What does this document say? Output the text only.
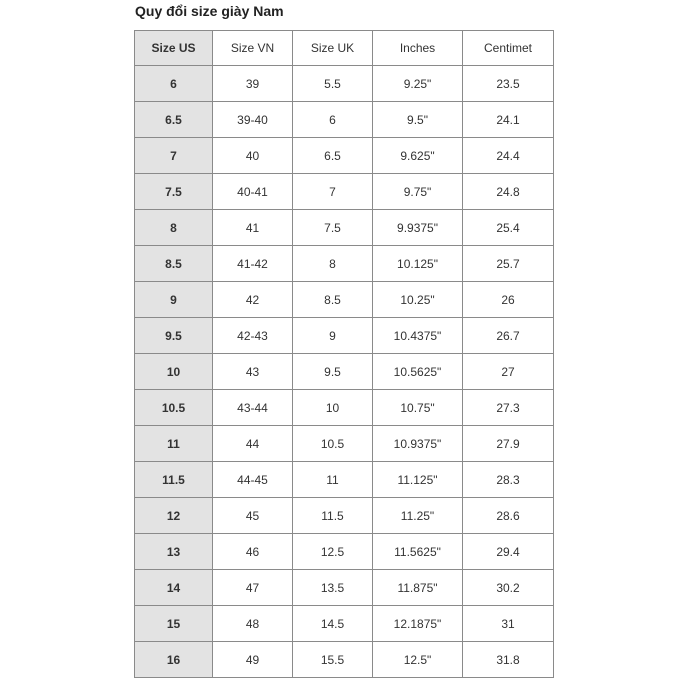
Quy đổi size giày Nam
Size US	Size VN	Size UK	Inches	Centimet
6	39	5.5	9.25"	23.5
6.5	39-40	6	9.5"	24.1
7	40	6.5	9.625"	24.4
7.5	40-41	7	9.75"	24.8
8	41	7.5	9.9375"	25.4
8.5	41-42	8	10.125"	25.7
9	42	8.5	10.25"	26
9.5	42-43	9	10.4375"	26.7
10	43	9.5	10.5625"	27
10.5	43-44	10	10.75"	27.3
11	44	10.5	10.9375"	27.9
11.5	44-45	11	11.125"	28.3
12	45	11.5	11.25"	28.6
13	46	12.5	11.5625"	29.4
14	47	13.5	11.875"	30.2
15	48	14.5	12.1875"	31
16	49	15.5	12.5"	31.8
